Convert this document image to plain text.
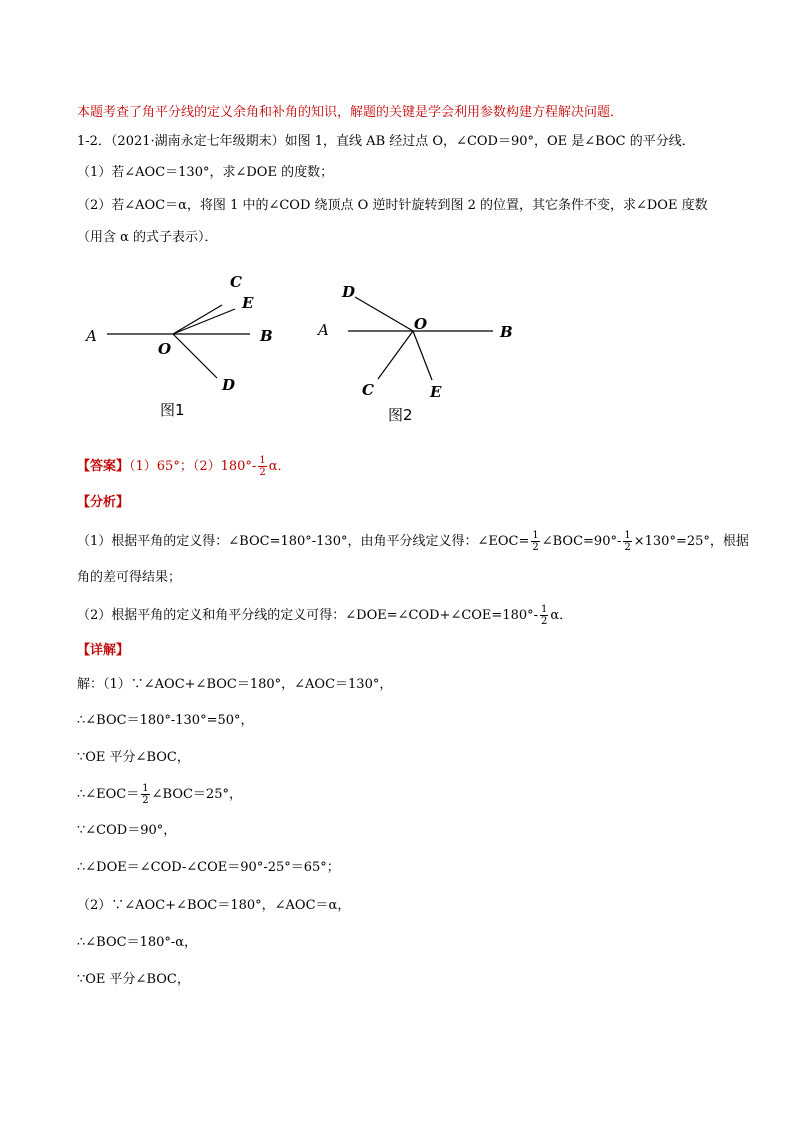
本题考查了角平分线的定义余角和补角的知识，解题的关键是学会利用参数构建方程解决问题．
1-2．（2021·湖南永定七年级期末）如图 1，直线 AB 经过点 O，∠COD＝90°，OE 是∠BOC 的平分线．
（1）若∠AOC＝130°，求∠DOE 的度数；
（2）若∠AOC＝α，将图 1 中的∠COD 绕顶点 O 逆时针旋转到图 2 的位置，其它条件不变，求∠DOE 度数
（用含 α 的式子表示）．
A	B
C
E
O
D
图1
A	B
D
O
C	E
图2
【答案】（1）65°；$(2)180^\circ- \frac{1}{2}$ α．
【分析】
（1）根据平角的定义得：∠BOC=180°-130°，由角平分线定义得：∠EOC= $\frac{1}{2}$ ∠BOC=90°- $\frac{1}{2} \times 130^\circ=25^\circ$，根据
角的差可得结果；
（2）根据平角的定义和角平分线的定义可得：∠DOE=∠COD+∠COE=180°- $\frac{1}{2}$ α．
【详解】
解：（1）∵∠AOC+∠BOC＝180°，∠AOC＝130°，
∴∠BOC＝180°-130°=50°，
∵OE 平分∠BOC，
∴∠EOC＝ $\frac{1}{2}$ ∠BOC＝25°，
∵∠COD＝90°，
∴∠DOE＝∠COD-∠COE＝90°-25°＝65°；
（2）∵∠AOC+∠BOC＝180°，∠AOC＝α，
∴∠BOC＝180°-α，
∵OE 平分∠BOC，
